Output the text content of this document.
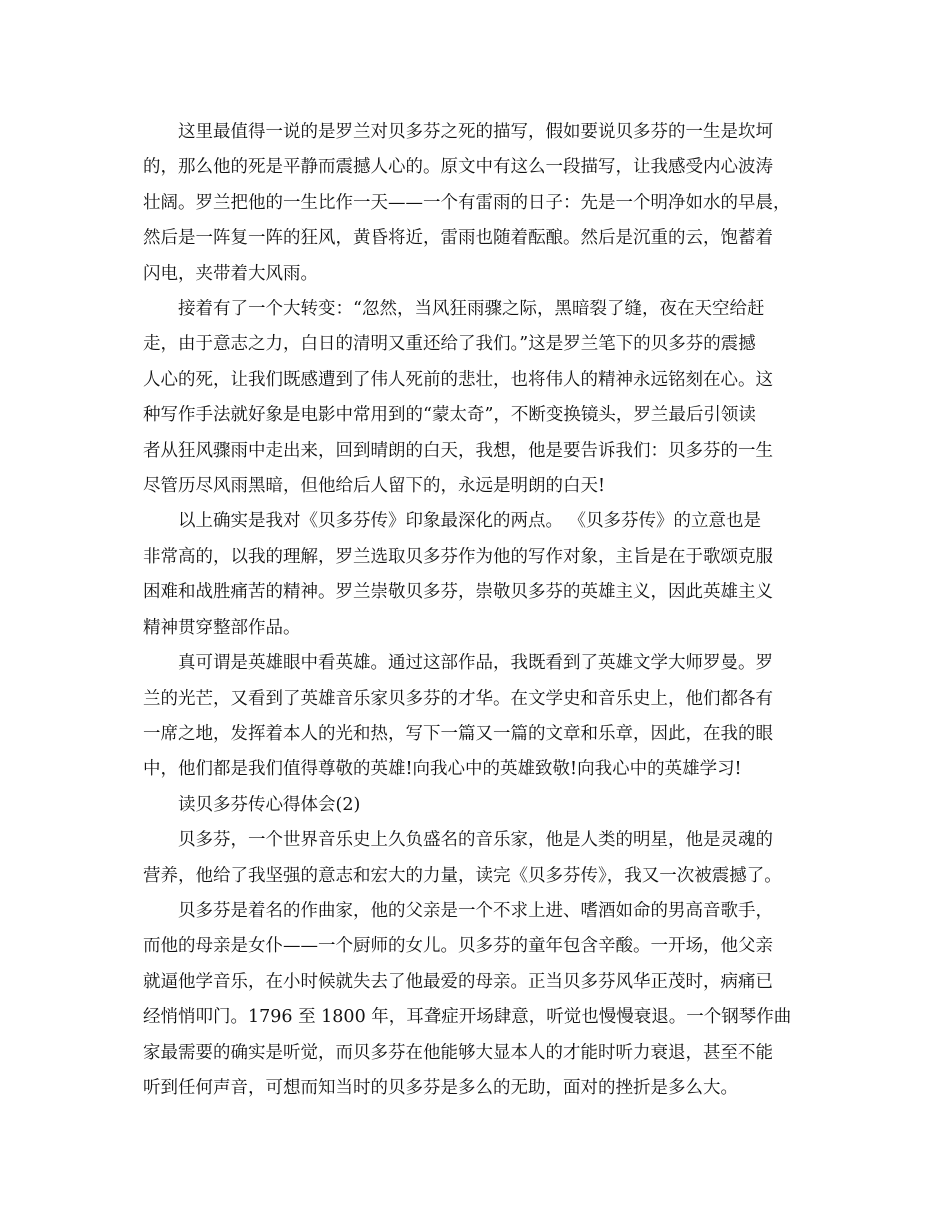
这里最值得一说的是罗兰对贝多芬之死的描写，假如要说贝多芬的一生是坎坷
的，那么他的死是平静而震撼人心的。原文中有这么一段描写，让我感受内心波涛
壮阔。罗兰把他的一生比作一天——一个有雷雨的日子：先是一个明净如水的早晨，
然后是一阵复一阵的狂风，黄昏将近，雷雨也随着酝酿。然后是沉重的云，饱蓄着
闪电，夹带着大风雨。

接着有了一个大转变：“忽然，当风狂雨骤之际，黑暗裂了缝，夜在天空给赶
走，由于意志之力，白日的清明又重还给了我们。”这是罗兰笔下的贝多芬的震撼
人心的死，让我们既感遭到了伟人死前的悲壮，也将伟人的精神永远铭刻在心。这
种写作手法就好象是电影中常用到的“蒙太奇”，不断变换镜头，罗兰最后引领读
者从狂风骤雨中走出来，回到晴朗的白天，我想，他是要告诉我们：贝多芬的一生
尽管历尽风雨黑暗，但他给后人留下的，永远是明朗的白天!

以上确实是我对《贝多芬传》印象最深化的两点。 《贝多芬传》的立意也是
非常高的，以我的理解，罗兰选取贝多芬作为他的写作对象，主旨是在于歌颂克服
困难和战胜痛苦的精神。罗兰崇敬贝多芬，崇敬贝多芬的英雄主义，因此英雄主义
精神贯穿整部作品。

真可谓是英雄眼中看英雄。通过这部作品，我既看到了英雄文学大师罗曼。罗
兰的光芒，又看到了英雄音乐家贝多芬的才华。在文学史和音乐史上，他们都各有
一席之地，发挥着本人的光和热，写下一篇又一篇的文章和乐章，因此，在我的眼
中，他们都是我们值得尊敬的英雄!向我心中的英雄致敬!向我心中的英雄学习!

读贝多芬传心得体会(2)

贝多芬，一个世界音乐史上久负盛名的音乐家，他是人类的明星，他是灵魂的
营养，他给了我坚强的意志和宏大的力量，读完《贝多芬传》，我又一次被震撼了。

贝多芬是着名的作曲家，他的父亲是一个不求上进、嗜酒如命的男高音歌手，
而他的母亲是女仆——一个厨师的女儿。贝多芬的童年包含辛酸。一开场，他父亲
就逼他学音乐，在小时候就失去了他最爱的母亲。正当贝多芬风华正茂时，病痛已
经悄悄叩门。1796 至 1800 年，耳聋症开场肆意，听觉也慢慢衰退。一个钢琴作曲
家最需要的确实是听觉，而贝多芬在他能够大显本人的才能时听力衰退，甚至不能
听到任何声音，可想而知当时的贝多芬是多么的无助，面对的挫折是多么大。
